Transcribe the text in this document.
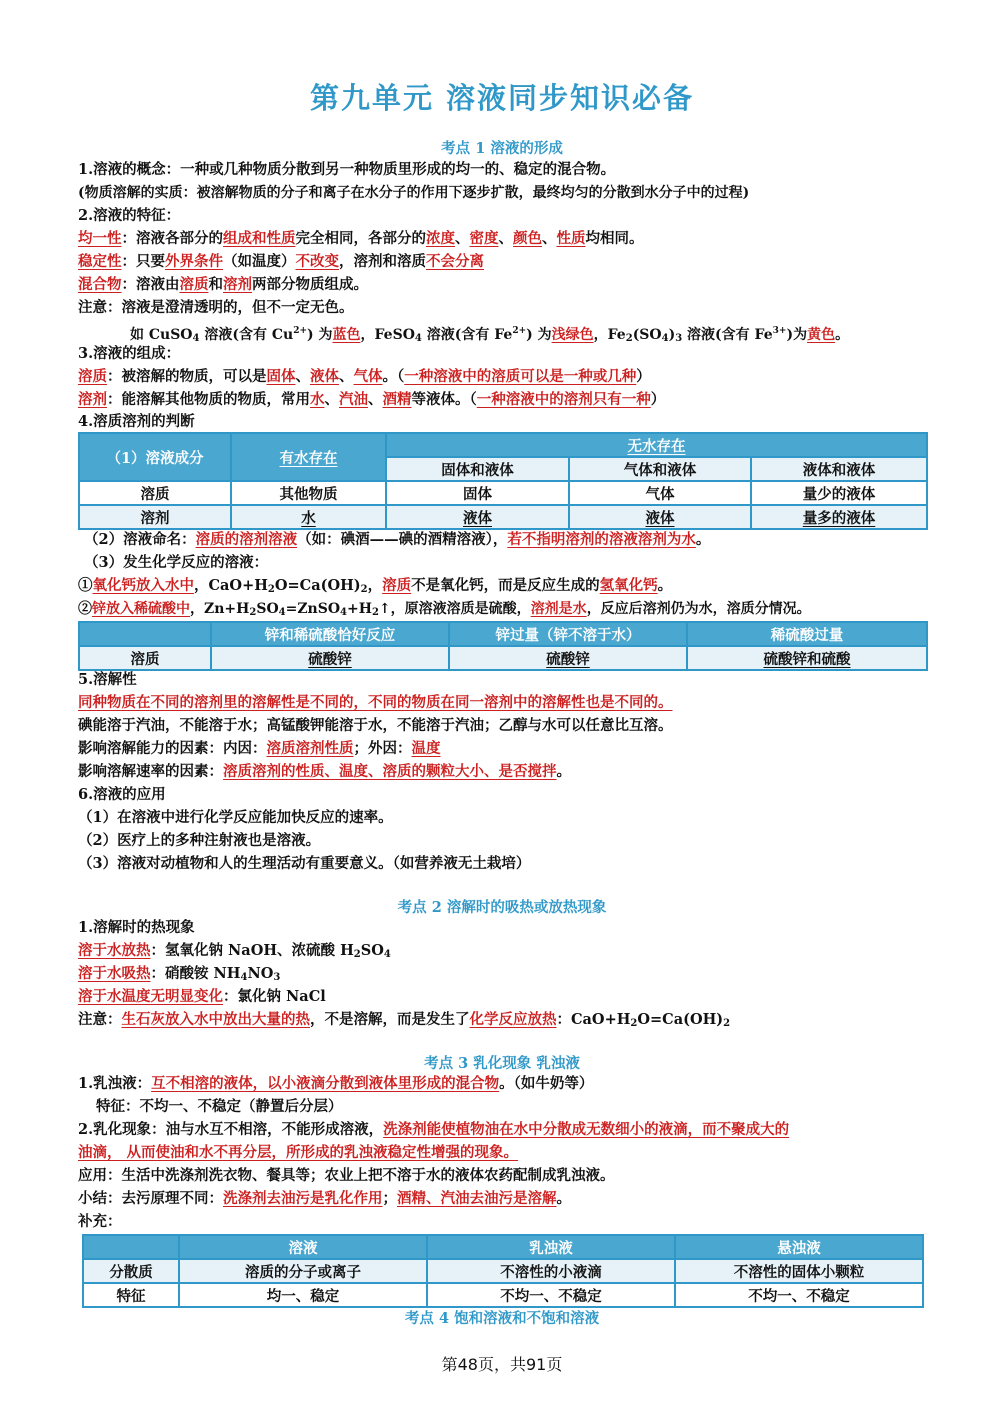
第九单元 溶液同步知识必备
考点 1 溶液的形成
1.溶液的概念：一种或几种物质分散到另一种物质里形成的均一的、稳定的混合物。
(物质溶解的实质：被溶解物质的分子和离子在水分子的作用下逐步扩散，最终均匀的分散到水分子中的过程)
2.溶液的特征：
均一性：溶液各部分的组成和性质完全相同，各部分的浓度、密度、颜色、性质均相同。
稳定性：只要外界条件（如温度）不改变，溶剂和溶质不会分离
混合物：溶液由溶质和溶剂两部分物质组成。
注意：溶液是澄清透明的，但不一定无色。
如 CuSO4 溶液(含有 $Cu^{2+}$) 为蓝色，FeSO4 溶液(含有 $Fe^{2+}$) 为浅绿色，Fe2(SO4)3 溶液(含有 $Fe^{3+}$)为黄色。
3.溶液的组成：
溶质：被溶解的物质，可以是固体、液体、气体。（一种溶液中的溶质可以是一种或几种）
溶剂：能溶解其他物质的物质，常用水、汽油、酒精等液体。（一种溶液中的溶剂只有一种）
4.溶质溶剂的判断
（1）溶液成分	有水存在	无水存在		
		固体和液体	气体和液体	液体和液体
溶质	其他物质	固体	气体	量少的液体
溶剂	水	液体	液体	量多的液体
（2）溶液命名：溶质的溶剂溶液（如：碘酒——碘的酒精溶液），若不指明溶剂的溶液溶剂为水。
（3）发生化学反应的溶液：
①氧化钙放入水中，CaO+H2O=Ca(OH)2，溶质不是氧化钙，而是反应生成的氢氧化钙。
②锌放入稀硫酸中，Zn+H2SO4=ZnSO4+H2↑，原溶液溶质是硫酸，溶剂是水，反应后溶剂仍为水，溶质分情况。
	锌和稀硫酸恰好反应	锌过量（锌不溶于水）	稀硫酸过量
溶质	硫酸锌	硫酸锌	硫酸锌和硫酸
5.溶解性
同种物质在不同的溶剂里的溶解性是不同的，不同的物质在同一溶剂中的溶解性也是不同的。
碘能溶于汽油，不能溶于水；高锰酸钾能溶于水，不能溶于汽油；乙醇与水可以任意比互溶。
影响溶解能力的因素：内因：溶质溶剂性质；外因：温度
影响溶解速率的因素：溶质溶剂的性质、温度、溶质的颗粒大小、是否搅拌。
6.溶液的应用
（1）在溶液中进行化学反应能加快反应的速率。
（2）医疗上的多种注射液也是溶液。
（3）溶液对动植物和人的生理活动有重要意义。（如营养液无土栽培）
考点 2 溶解时的吸热或放热现象
1.溶解时的热现象
溶于水放热：氢氧化钠 NaOH、浓硫酸 H2SO4
溶于水吸热：硝酸铵 NH4NO3
溶于水温度无明显变化：氯化钠 NaCl
注意：生石灰放入水中放出大量的热，不是溶解，而是发生了化学反应放热：CaO+H2O=Ca(OH)2
考点 3 乳化现象 乳浊液
1.乳浊液：互不相溶的液体，以小液滴分散到液体里形成的混合物。（如牛奶等）
特征：不均一、不稳定（静置后分层）
2.乳化现象：油与水互不相溶，不能形成溶液，洗涤剂能使植物油在水中分散成无数细小的液滴，而不聚成大的
油滴， 从而使油和水不再分层，所形成的乳浊液稳定性增强的现象。
应用：生活中洗涤剂洗衣物、餐具等；农业上把不溶于水的液体农药配制成乳浊液。
小结：去污原理不同：洗涤剂去油污是乳化作用；酒精、汽油去油污是溶解。
补充：
	溶液	乳浊液	悬浊液
分散质	溶质的分子或离子	不溶性的小液滴	不溶性的固体小颗粒
特征	均一、稳定	不均一、不稳定	不均一、不稳定
考点 4 饱和溶液和不饱和溶液
第48页，共91页
